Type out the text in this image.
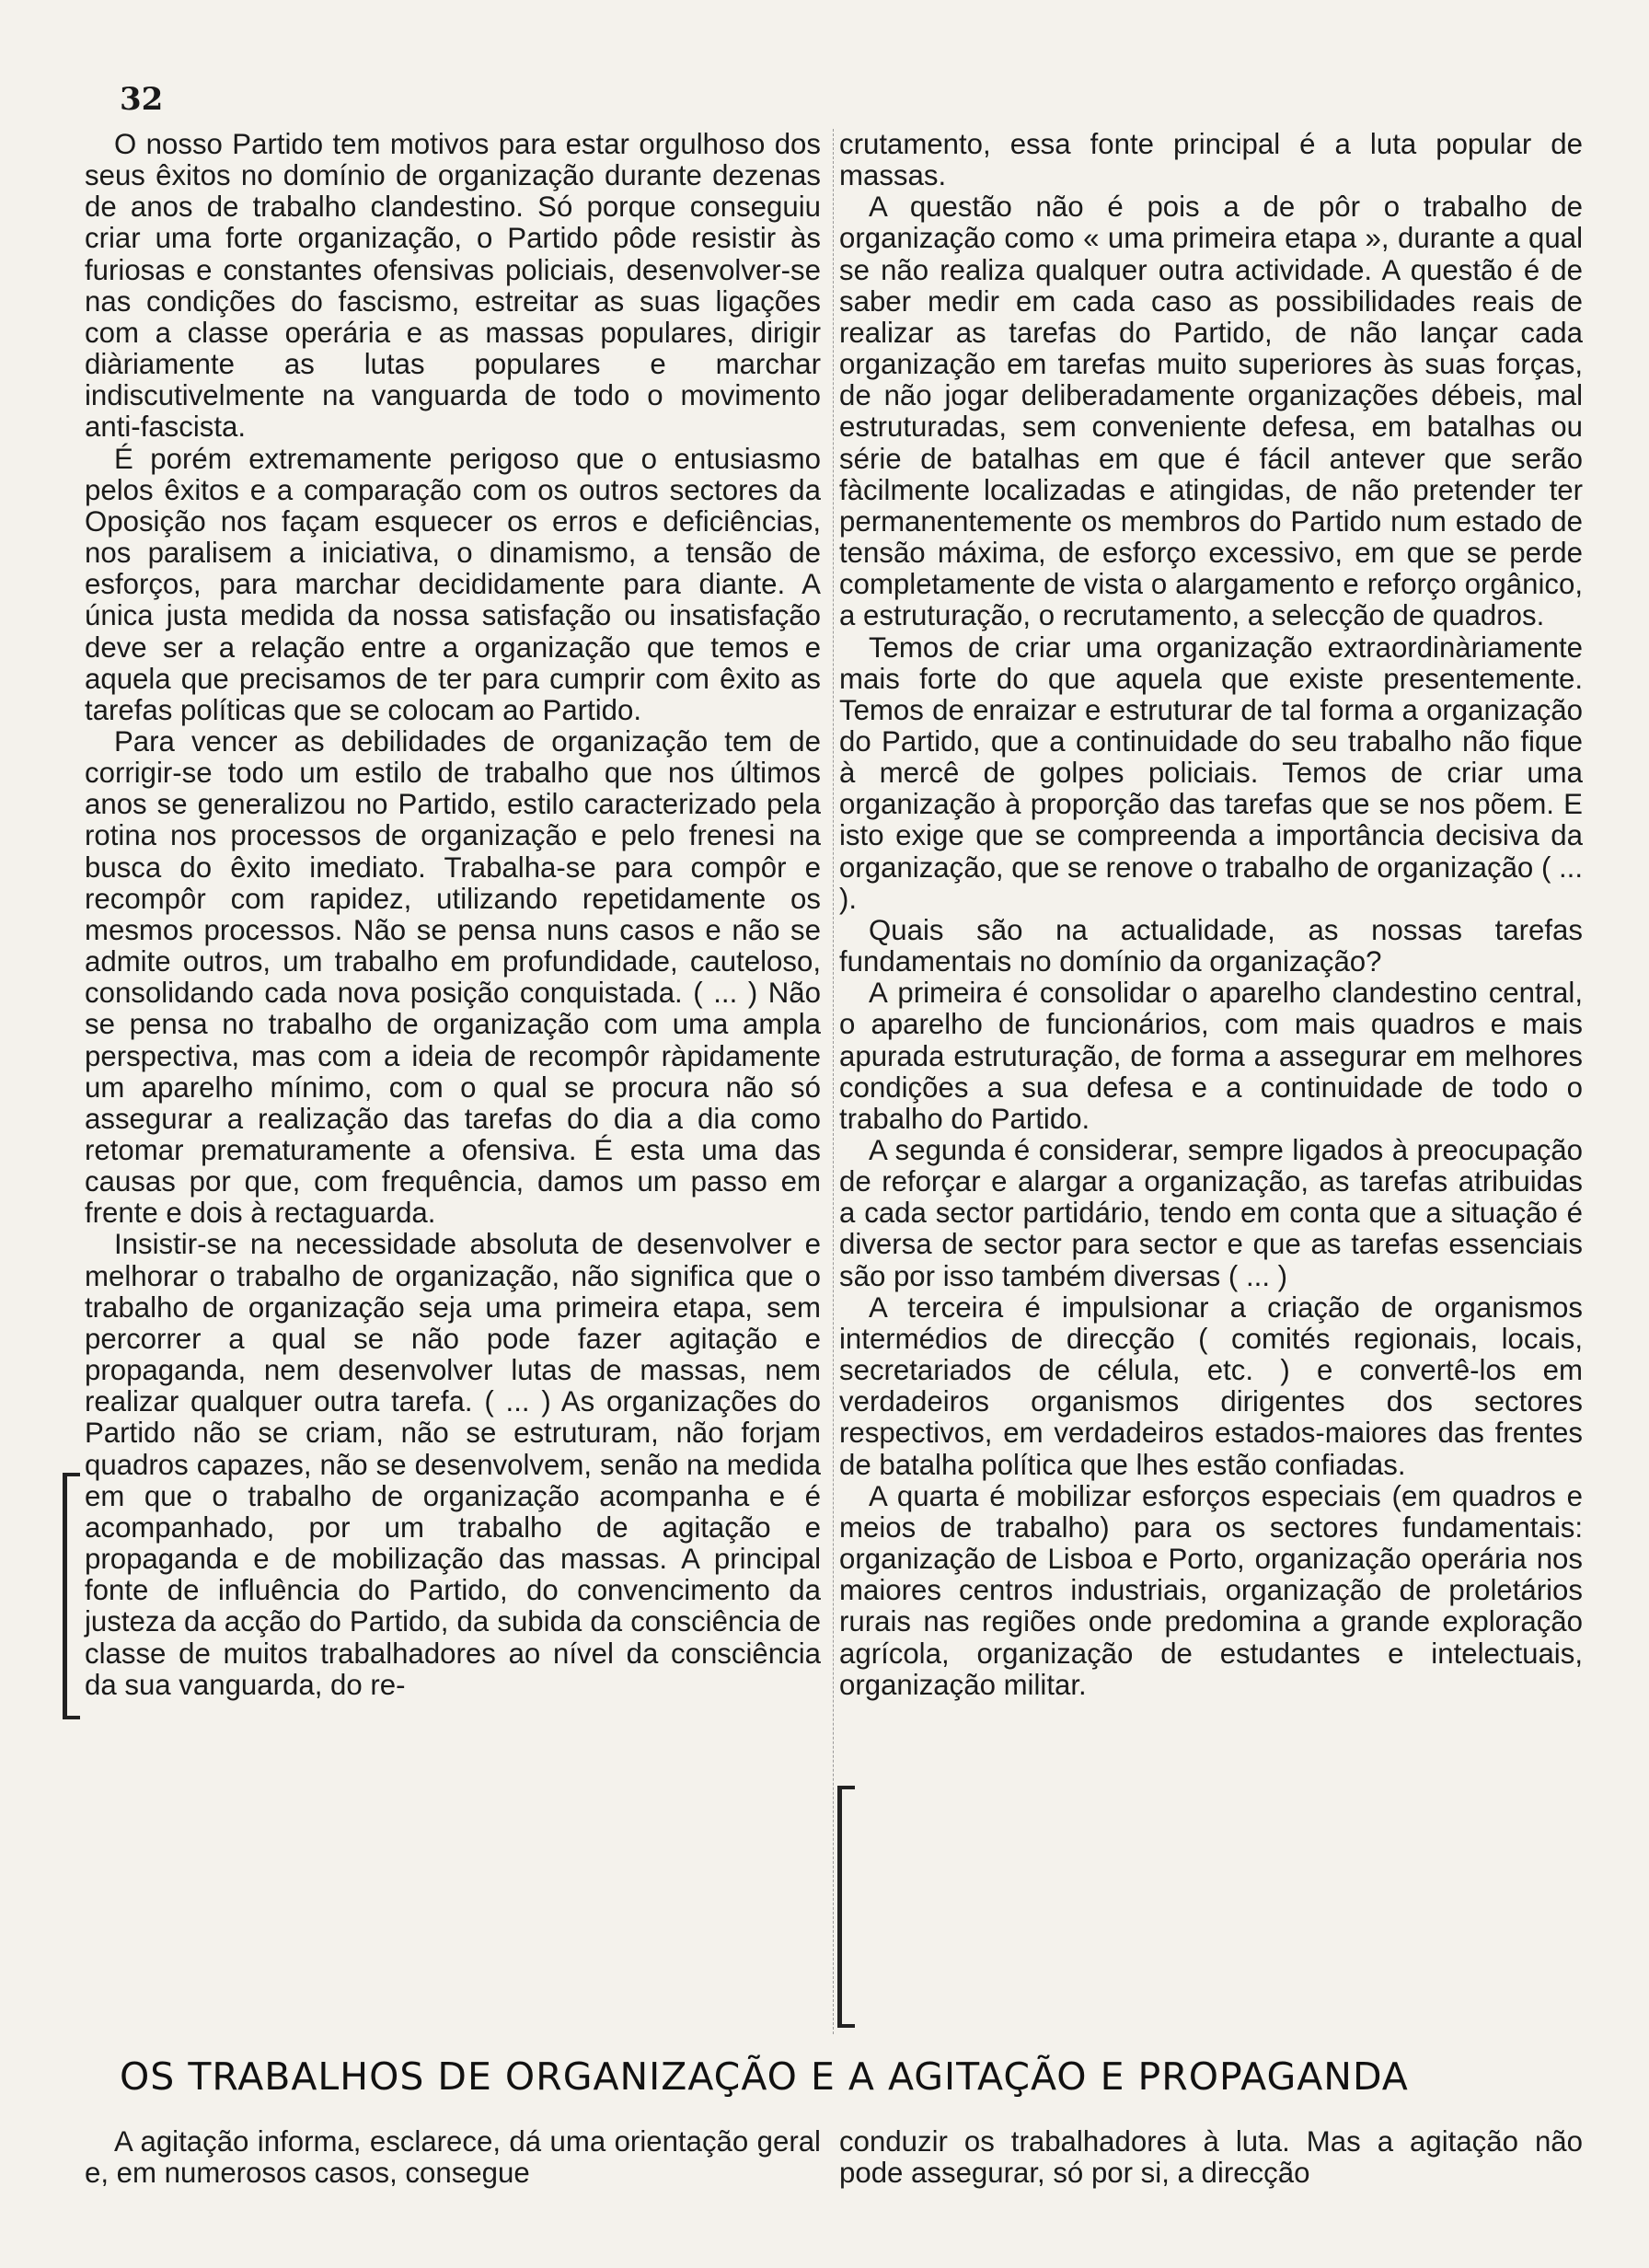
32

O nosso Partido tem motivos para estar orgulhoso dos seus êxitos no domínio de organização durante dezenas de anos de trabalho clandestino. Só porque conseguiu criar uma forte organização, o Partido pôde resistir às furiosas e constantes ofensivas policiais, desenvolver-se nas condições do fascismo, estreitar as suas ligações com a classe operária e as massas populares, dirigir diàriamente as lutas populares e marchar indiscutivelmente na vanguarda de todo o movimento anti-fascista.

É porém extremamente perigoso que o entusiasmo pelos êxitos e a comparação com os outros sectores da Oposição nos façam esquecer os erros e deficiências, nos paralisem a iniciativa, o dinamismo, a tensão de esforços, para marchar decididamente para diante. A única justa medida da nossa satisfação ou insatisfação deve ser a relação entre a organização que temos e aquela que precisamos de ter para cumprir com êxito as tarefas políticas que se colocam ao Partido.

Para vencer as debilidades de organização tem de corrigir-se todo um estilo de trabalho que nos últimos anos se generalizou no Partido, estilo caracterizado pela rotina nos processos de organização e pelo frenesi na busca do êxito imediato. Trabalha-se para compôr e recompôr com rapidez, utilizando repetidamente os mesmos processos. Não se pensa nuns casos e não se admite outros, um trabalho em profundidade, cauteloso, consolidando cada nova posição conquistada. ( ... ) Não se pensa no trabalho de organização com uma ampla perspectiva, mas com a ideia de recompôr ràpidamente um aparelho mínimo, com o qual se procura não só assegurar a realização das tarefas do dia a dia como retomar prematuramente a ofensiva. É esta uma das causas por que, com frequência, damos um passo em frente e dois à rectaguarda.

Insistir-se na necessidade absoluta de desenvolver e melhorar o trabalho de organização, não significa que o trabalho de organização seja uma primeira etapa, sem percorrer a qual se não pode fazer agitação e propaganda, nem desenvolver lutas de massas, nem realizar qualquer outra tarefa. ( ... ) As organizações do Partido não se criam, não se estruturam, não forjam quadros capazes, não se desenvolvem, senão na medida em que o trabalho de organização acompanha e é acompanhado, por um trabalho de agitação e propaganda e de mobilização das massas. A principal fonte de influência do Partido, do convencimento da justeza da acção do Partido, da subida da consciência de classe de muitos trabalhadores ao nível da consciência da sua vanguarda, do re-

crutamento, essa fonte principal é a luta popular de massas.

A questão não é pois a de pôr o trabalho de organização como « uma primeira etapa », durante a qual se não realiza qualquer outra actividade. A questão é de saber medir em cada caso as possibilidades reais de realizar as tarefas do Partido, de não lançar cada organização em tarefas muito superiores às suas forças, de não jogar deliberadamente organizações débeis, mal estruturadas, sem conveniente defesa, em batalhas ou série de batalhas em que é fácil antever que serão fàcilmente localizadas e atingidas, de não pretender ter permanentemente os membros do Partido num estado de tensão máxima, de esforço excessivo, em que se perde completamente de vista o alargamento e reforço orgânico, a estruturação, o recrutamento, a selecção de quadros.

Temos de criar uma organização extraordinàriamente mais forte do que aquela que existe presentemente. Temos de enraizar e estruturar de tal forma a organização do Partido, que a continuidade do seu trabalho não fique à mercê de golpes policiais. Temos de criar uma organização à proporção das tarefas que se nos põem. E isto exige que se compreenda a importância decisiva da organização, que se renove o trabalho de organização ( ... ).

Quais são na actualidade, as nossas tarefas fundamentais no domínio da organização?

A primeira é consolidar o aparelho clandestino central, o aparelho de funcionários, com mais quadros e mais apurada estruturação, de forma a assegurar em melhores condições a sua defesa e a continuidade de todo o trabalho do Partido.

A segunda é considerar, sempre ligados à preocupação de reforçar e alargar a organização, as tarefas atribuidas a cada sector partidário, tendo em conta que a situação é diversa de sector para sector e que as tarefas essenciais são por isso também diversas ( ... )

A terceira é impulsionar a criação de organismos intermédios de direcção ( comités regionais, locais, secretariados de célula, etc. ) e convertê-los em verdadeiros organismos dirigentes dos sectores respectivos, em verdadeiros estados-maiores das frentes de batalha política que lhes estão confiadas.

A quarta é mobilizar esforços especiais (em quadros e meios de trabalho) para os sectores fundamentais: organização de Lisboa e Porto, organização operária nos maiores centros industriais, organização de proletários rurais nas regiões onde predomina a grande exploração agrícola, organização de estudantes e intelectuais, organização militar.

OS TRABALHOS DE ORGANIZAÇÃO E A AGITAÇÃO E PROPAGANDA

A agitação informa, esclarece, dá uma orientação geral e, em numerosos casos, consegue

conduzir os trabalhadores à luta. Mas a agitação não pode assegurar, só por si, a direcção
